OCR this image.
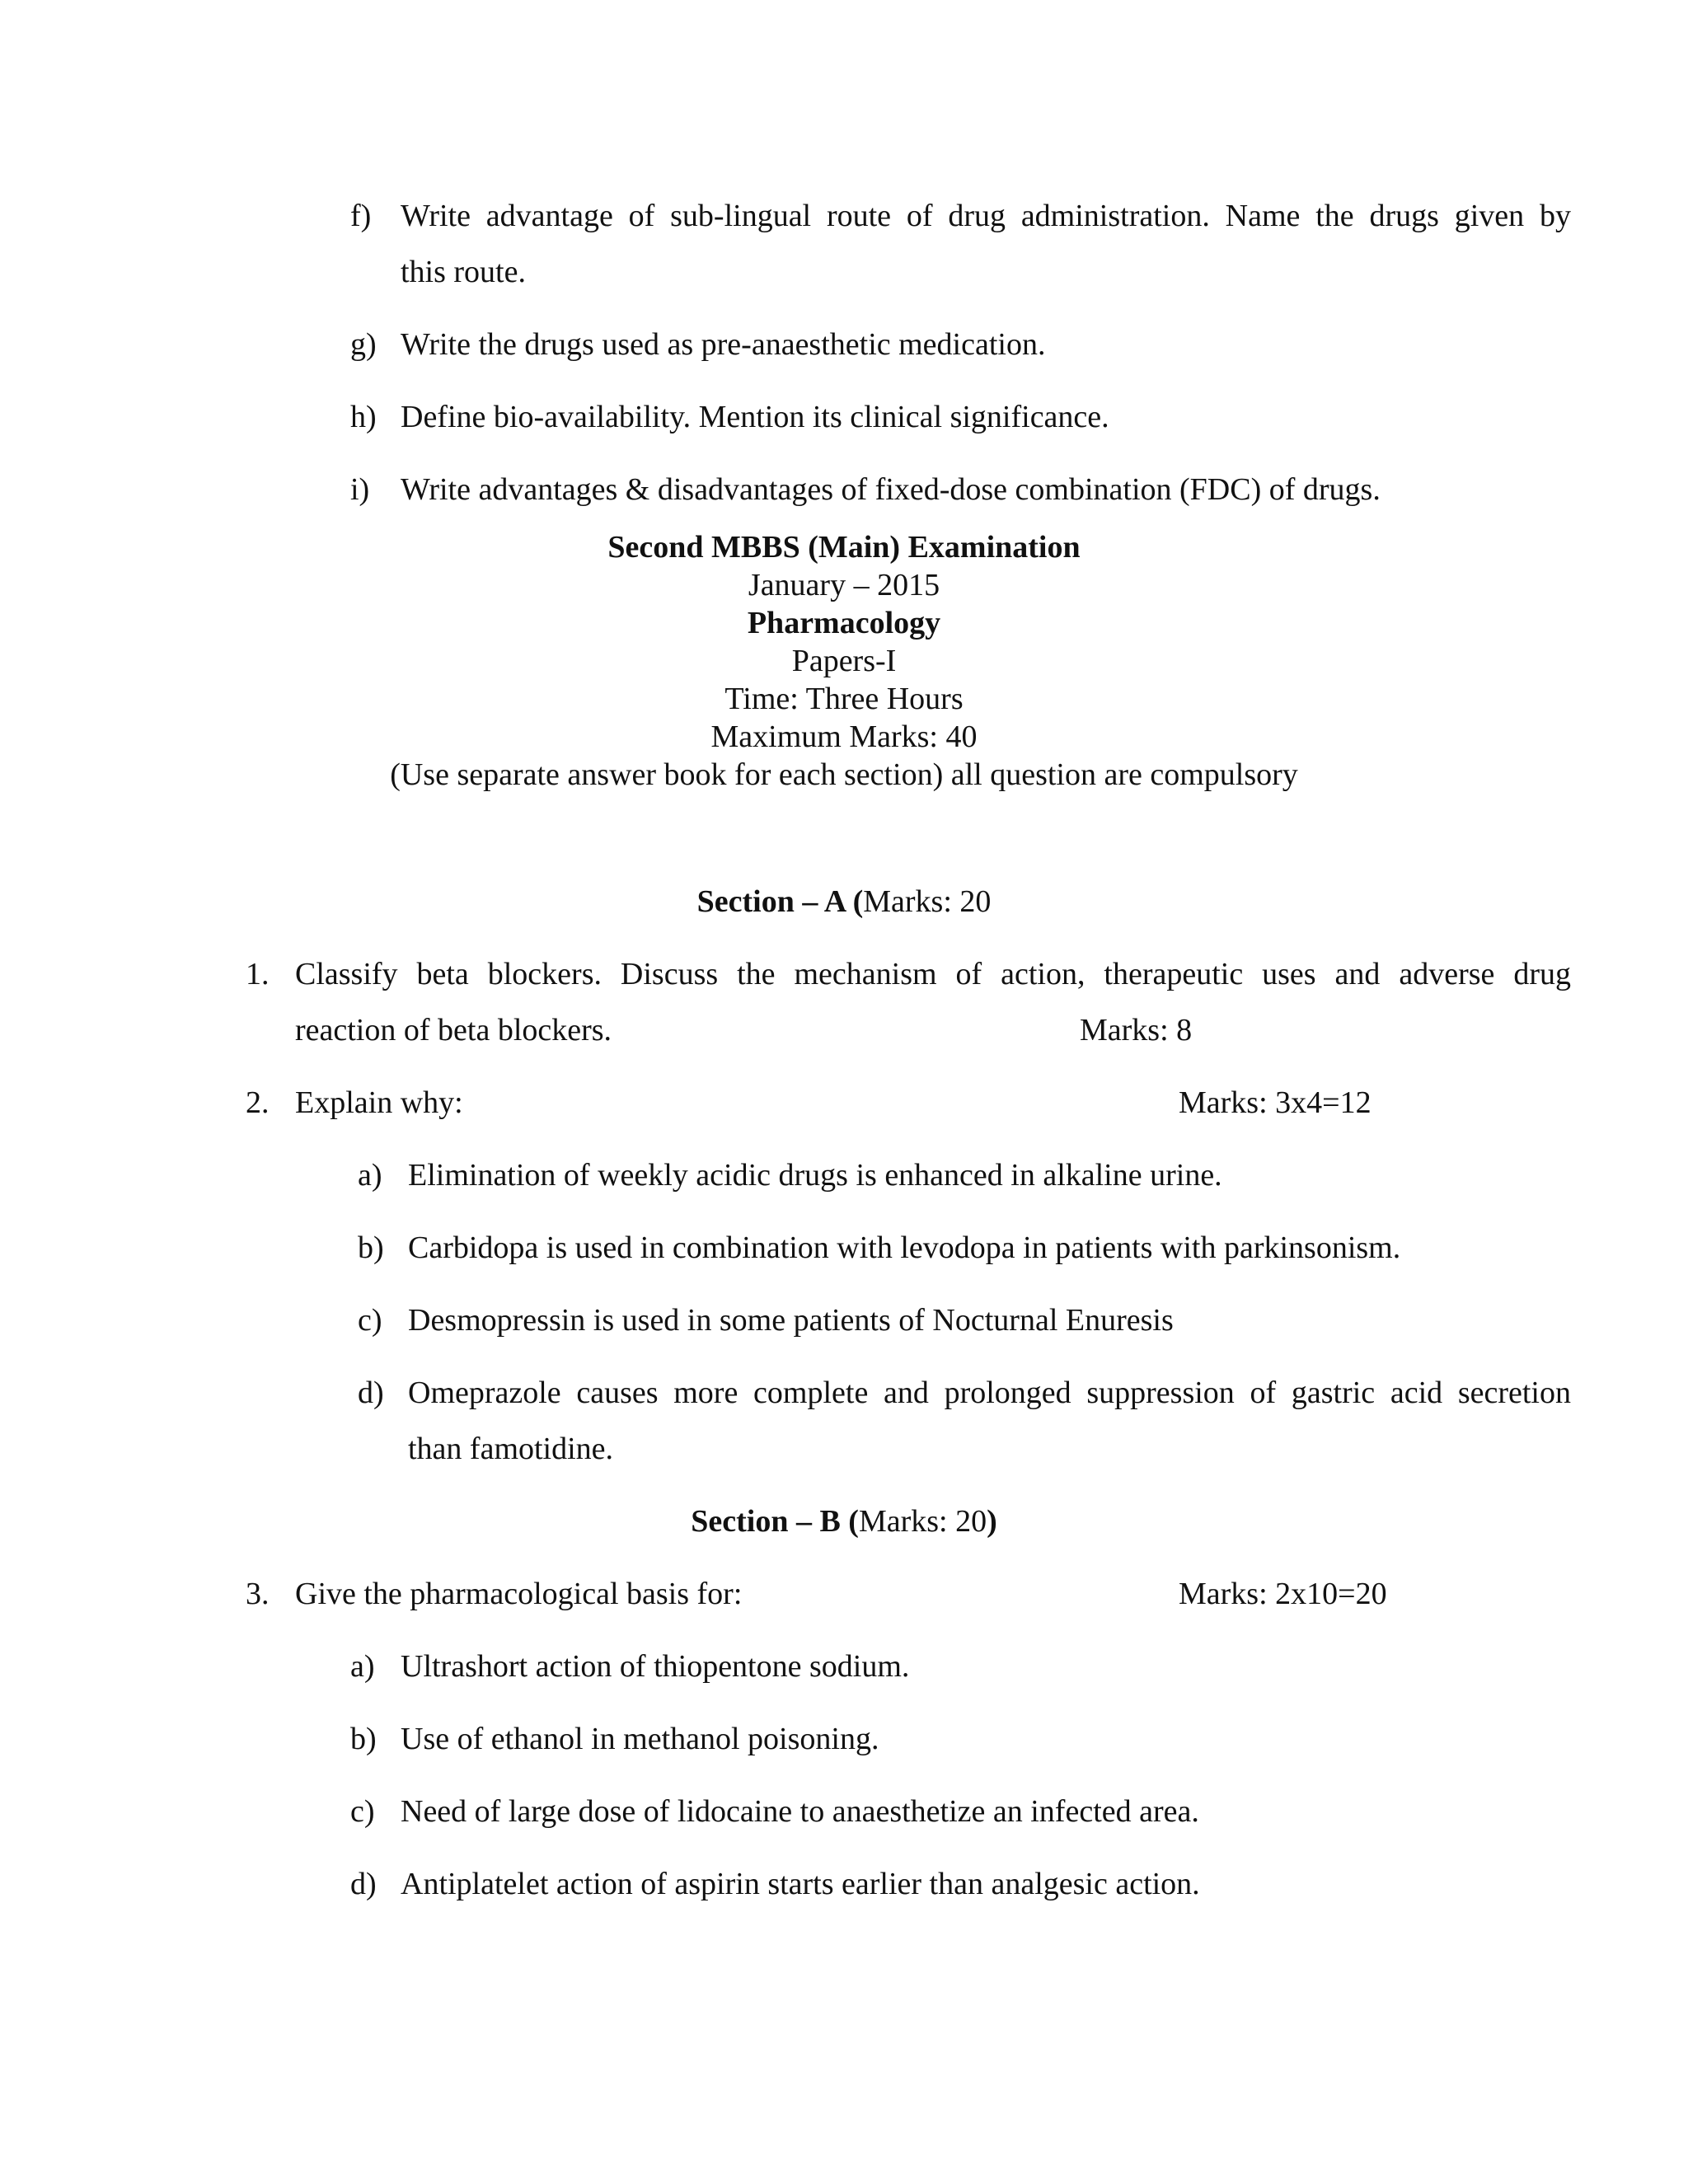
f) Write advantage of sub-lingual route of drug administration. Name the drugs given by
this route.
g) Write the drugs used as pre-anaesthetic medication.
h) Define bio-availability. Mention its clinical significance.
i) Write advantages & disadvantages of fixed-dose combination (FDC) of drugs.
Second MBBS (Main) Examination
January – 2015
Pharmacology
Papers-I
Time: Three Hours
Maximum Marks: 40
(Use separate answer book for each section) all question are compulsory
Section – A (Marks: 20
1. Classify beta blockers. Discuss the mechanism of action, therapeutic uses and adverse drug
reaction of beta blockers.	Marks: 8
2. Explain why:	Marks: 3x4=12
a) Elimination of weekly acidic drugs is enhanced in alkaline urine.
b) Carbidopa is used in combination with levodopa in patients with parkinsonism.
c) Desmopressin is used in some patients of Nocturnal Enuresis
d) Omeprazole causes more complete and prolonged suppression of gastric acid secretion
than famotidine.
Section – B (Marks: 20)
3. Give the pharmacological basis for:	Marks: 2x10=20
a) Ultrashort action of thiopentone sodium.
b) Use of ethanol in methanol poisoning.
c) Need of large dose of lidocaine to anaesthetize an infected area.
d) Antiplatelet action of aspirin starts earlier than analgesic action.
